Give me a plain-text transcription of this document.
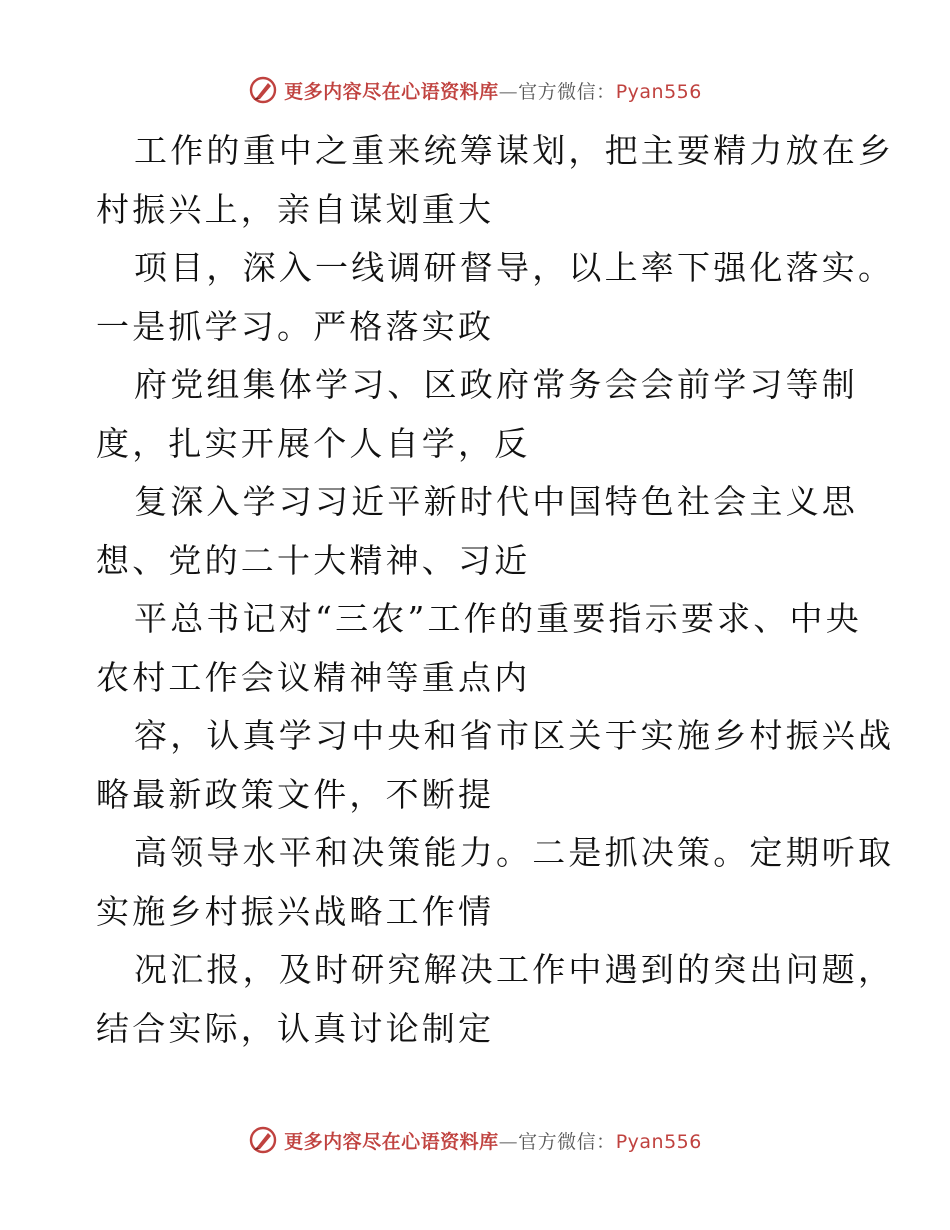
更多内容尽在心语资料库—官方微信：Pyan556
工作的重中之重来统筹谋划，把主要精力放在乡
村振兴上，亲自谋划重大
项目，深入一线调研督导，以上率下强化落实。
一是抓学习。严格落实政
府党组集体学习、区政府常务会会前学习等制
度，扎实开展个人自学，反
复深入学习习近平新时代中国特色社会主义思
想、党的二十大精神、习近
平总书记对“三农”工作的重要指示要求、中央
农村工作会议精神等重点内
容，认真学习中央和省市区关于实施乡村振兴战
略最新政策文件，不断提
高领导水平和决策能力。二是抓决策。定期听取
实施乡村振兴战略工作情
况汇报，及时研究解决工作中遇到的突出问题，
结合实际，认真讨论制定
更多内容尽在心语资料库—官方微信：Pyan556
